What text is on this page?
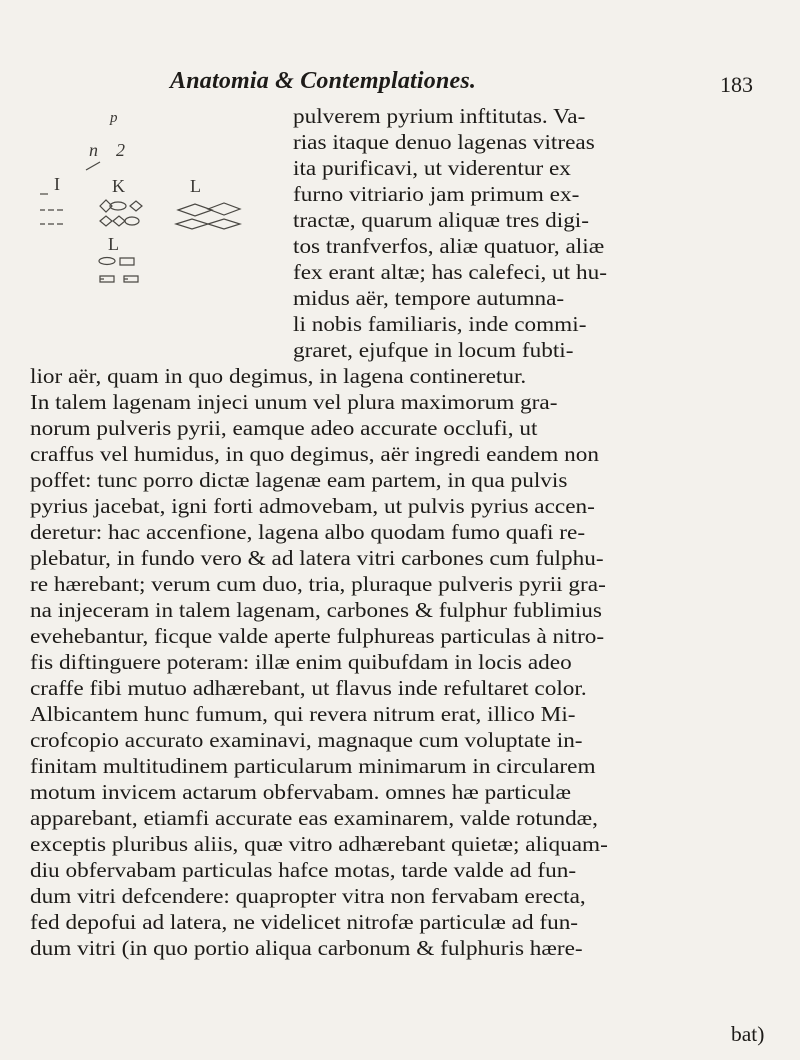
Anatomia & Contemplationes.	183
p
n 2
I	K	L
L
pulverem pyrium inftitutas. Va-
rias itaque denuo lagenas vitreas
ita purificavi, ut viderentur ex
furno vitriario jam primum ex-
tractæ, quarum aliquæ tres digi-
tos tranfverfos, aliæ quatuor, aliæ
fex erant altæ; has calefeci, ut hu-
midus aër, tempore autumna-
li nobis familiaris, inde commi-
graret, ejufque in locum fubti-
lior aër, quam in quo degimus, in lagena contineretur.
In talem lagenam injeci unum vel plura maximorum gra-
norum pulveris pyrii, eamque adeo accurate occlufi, ut
craffus vel humidus, in quo degimus, aër ingredi eandem non
poffet: tunc porro dictæ lagenæ eam partem, in qua pulvis
pyrius jacebat, igni forti admovebam, ut pulvis pyrius accen-
deretur: hac accenfione, lagena albo quodam fumo quafi re-
plebatur, in fundo vero & ad latera vitri carbones cum fulphu-
re hærebant; verum cum duo, tria, pluraque pulveris pyrii gra-
na injeceram in talem lagenam, carbones & fulphur fublimius
evehebantur, ficque valde aperte fulphureas particulas à nitro-
fis diftinguere poteram: illæ enim quibufdam in locis adeo
craffe fibi mutuo adhærebant, ut flavus inde refultaret color.
Albicantem hunc fumum, qui revera nitrum erat, illico Mi-
crofcopio accurato examinavi, magnaque cum voluptate in-
finitam multitudinem particularum minimarum in circularem
motum invicem actarum obfervabam. omnes hæ particulæ
apparebant, etiamfi accurate eas examinarem, valde rotundæ,
exceptis pluribus aliis, quæ vitro adhærebant quietæ; aliquam-
diu obfervabam particulas hafce motas, tarde valde ad fun-
dum vitri defcendere: quapropter vitra non fervabam erecta,
fed depofui ad latera, ne videlicet nitrofæ particulæ ad fun-
dum vitri (in quo portio aliqua carbonum & fulphuris hære-
bat)
